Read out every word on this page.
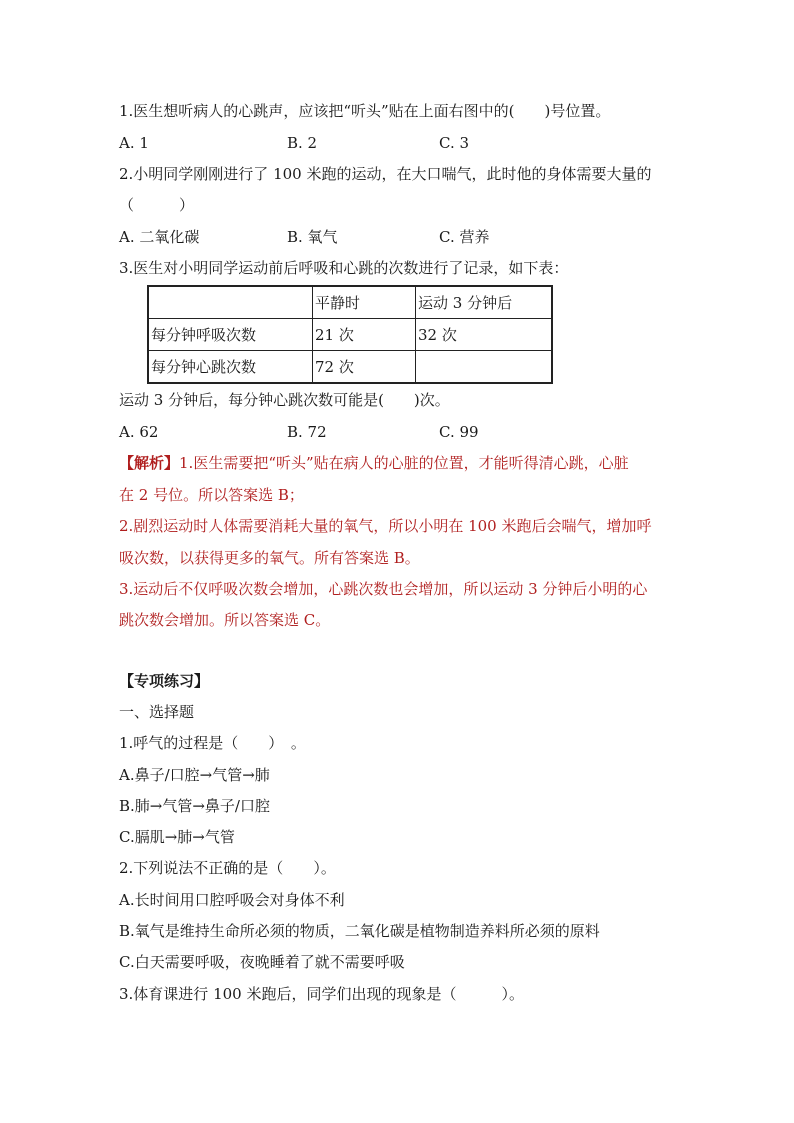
1.医生想听病人的心跳声，应该把“听头”贴在上面右图中的(　　)号位置。
A. 1	B. 2	C. 3
2.小明同学刚刚进行了 100 米跑的运动，在大口喘气，此时他的身体需要大量的
（　　　）
A. 二氧化碳	B. 氧气	C. 营养
3.医生对小明同学运动前后呼吸和心跳的次数进行了记录，如下表：
	平静时	运动 3 分钟后
每分钟呼吸次数	21 次	32 次
每分钟心跳次数	72 次	
运动 3 分钟后，每分钟心跳次数可能是(　　)次。
A. 62	B. 72	C. 99
【解析】1.医生需要把“听头”贴在病人的心脏的位置，才能听得清心跳，心脏
在 2 号位。所以答案选 B；
2.剧烈运动时人体需要消耗大量的氧气，所以小明在 100 米跑后会喘气，增加呼
吸次数，以获得更多的氧气。所有答案选 B。
3.运动后不仅呼吸次数会增加，心跳次数也会增加，所以运动 3 分钟后小明的心
跳次数会增加。所以答案选 C。
【专项练习】
一、选择题
1.呼气的过程是（　　）　。
A.鼻子/口腔→气管→肺
B.肺→气管→鼻子/口腔
C.膈肌→肺→气管
2.下列说法不正确的是（　　）。
A.长时间用口腔呼吸会对身体不利
B.氧气是维持生命所必须的物质，二氧化碳是植物制造养料所必须的原料
C.白天需要呼吸，夜晚睡着了就不需要呼吸
3.体育课进行 100 米跑后，同学们出现的现象是（　　　）。
